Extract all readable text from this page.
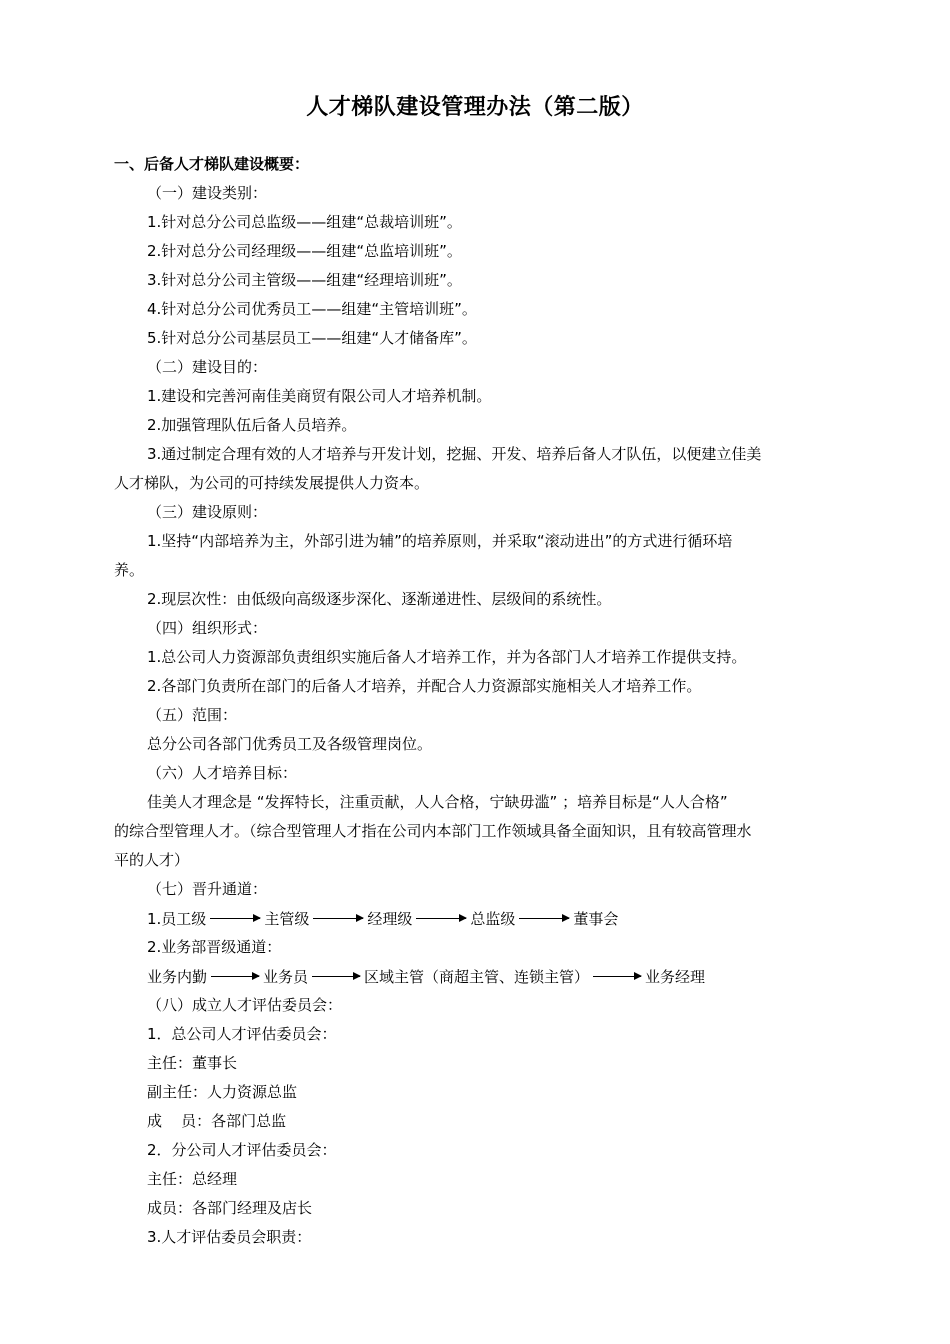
人才梯队建设管理办法（第二版）
一、后备人才梯队建设概要：
（一）建设类别：
1.针对总分公司总监级——组建“总裁培训班”。
2.针对总分公司经理级——组建“总监培训班”。
3.针对总分公司主管级——组建“经理培训班”。
4.针对总分公司优秀员工——组建“主管培训班”。
5.针对总分公司基层员工——组建“人才储备库”。
（二）建设目的：
1.建设和完善河南佳美商贸有限公司人才培养机制。
2.加强管理队伍后备人员培养。
3.通过制定合理有效的人才培养与开发计划，挖掘、开发、培养后备人才队伍，以便建立佳美
人才梯队，为公司的可持续发展提供人力资本。
（三）建设原则：
1.坚持“内部培养为主，外部引进为辅”的培养原则，并采取“滚动进出”的方式进行循环培
养。
2.现层次性：由低级向高级逐步深化、逐渐递进性、层级间的系统性。
（四）组织形式：
1.总公司人力资源部负责组织实施后备人才培养工作，并为各部门人才培养工作提供支持。
2.各部门负责所在部门的后备人才培养，并配合人力资源部实施相关人才培养工作。
（五）范围：
总分公司各部门优秀员工及各级管理岗位。
（六）人才培养目标：
佳美人才理念是 “发挥特长，注重贡献，人人合格，宁缺毋滥” ；培养目标是“人人合格”
的综合型管理人才。（综合型管理人才指在公司内本部门工作领域具备全面知识，且有较高管理水
平的人才）
（七）晋升通道：
1.员工级	主管级	经理级	总监级	董事会
2.业务部晋级通道：
业务内勤	业务员	区域主管（商超主管、连锁主管）	业务经理
（八）成立人才评估委员会：
1．总公司人才评估委员会：
主任：董事长
副主任：人力资源总监
成    员：各部门总监
2．分公司人才评估委员会：
主任：总经理
成员：各部门经理及店长
3.人才评估委员会职责：
